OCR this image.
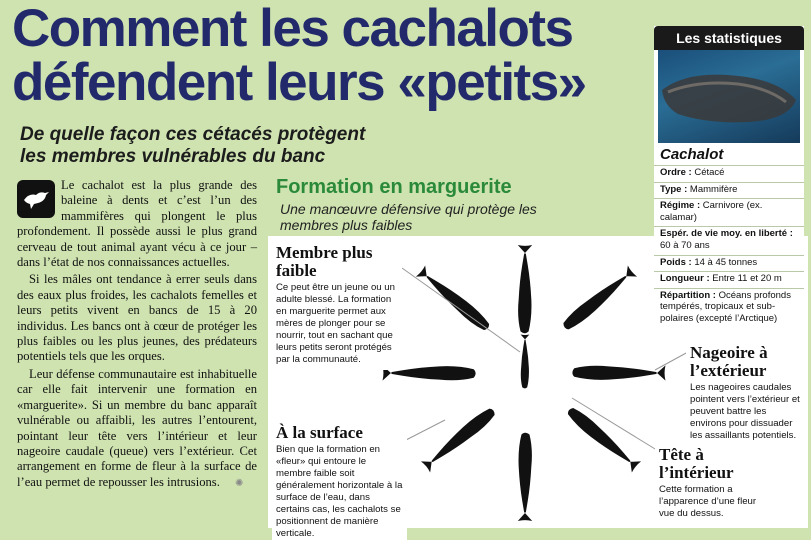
Comment les cachalots
défendent leurs «petits»
De quelle façon ces cétacés protègent
les membres vulnérables du banc

Le cachalot est la plus grande des baleine à dents et c’est l’un des mammifères qui plongent le plus profondement. Il possède aussi le plus grand cerveau de tout animal ayant vécu à ce jour – dans l’état de nos connaissances actuelles.

Si les mâles ont tendance à errer seuls dans des eaux plus froides, les cachalots femelles et leurs petits vivent en bancs de 15 à 20 individus. Les bancs ont à cœur de protéger les plus faibles ou les plus jeunes, des prédateurs potentiels tels que les orques.

Leur défense communautaire est inhabituelle car elle fait intervenir une formation en «marguerite». Si un membre du banc apparaît vulnérable ou affaibli, les autres l’entourent, pointant leur tête vers l’intérieur et leur nageoire caudale (queue) vers l’extérieur. Cet arrangement en forme de fleur à la surface de l’eau permet de repousser les intrusions. ✺

Formation en marguerite
Une manœuvre défensive qui protège les membres plus faibles
Membre plus faible
Ce peut être un jeune ou un adulte blessé. La formation en marguerite permet aux mères de plonger pour se nourrir, tout en sachant que leurs petits seront protégés par la communauté.	Nageoire à l’extérieur
Les nageoires caudales pointent vers l’extérieur et peuvent battre les environs pour dissuader les assaillants potentiels.
À la surface
Bien que la formation en «fleur» qui entoure le membre faible soit généralement horizontale à la surface de l’eau, dans certains cas, les cachalots se positionnent de manière verticale.
Tête à l’intérieur
Cette formation a l’apparence d’une fleur vue du dessus.
Les statistiques
Cachalot
Ordre : Cétacé
Type : Mammifère
Régime : Carnivore (ex. calamar)
Espér. de vie moy. en liberté : 60 à 70 ans
Poids : 14 à 45 tonnes
Longueur : Entre 11 et 20 m
Répartition : Océans profonds tempérés, tropicaux et sub-polaires (excepté l’Arctique)
